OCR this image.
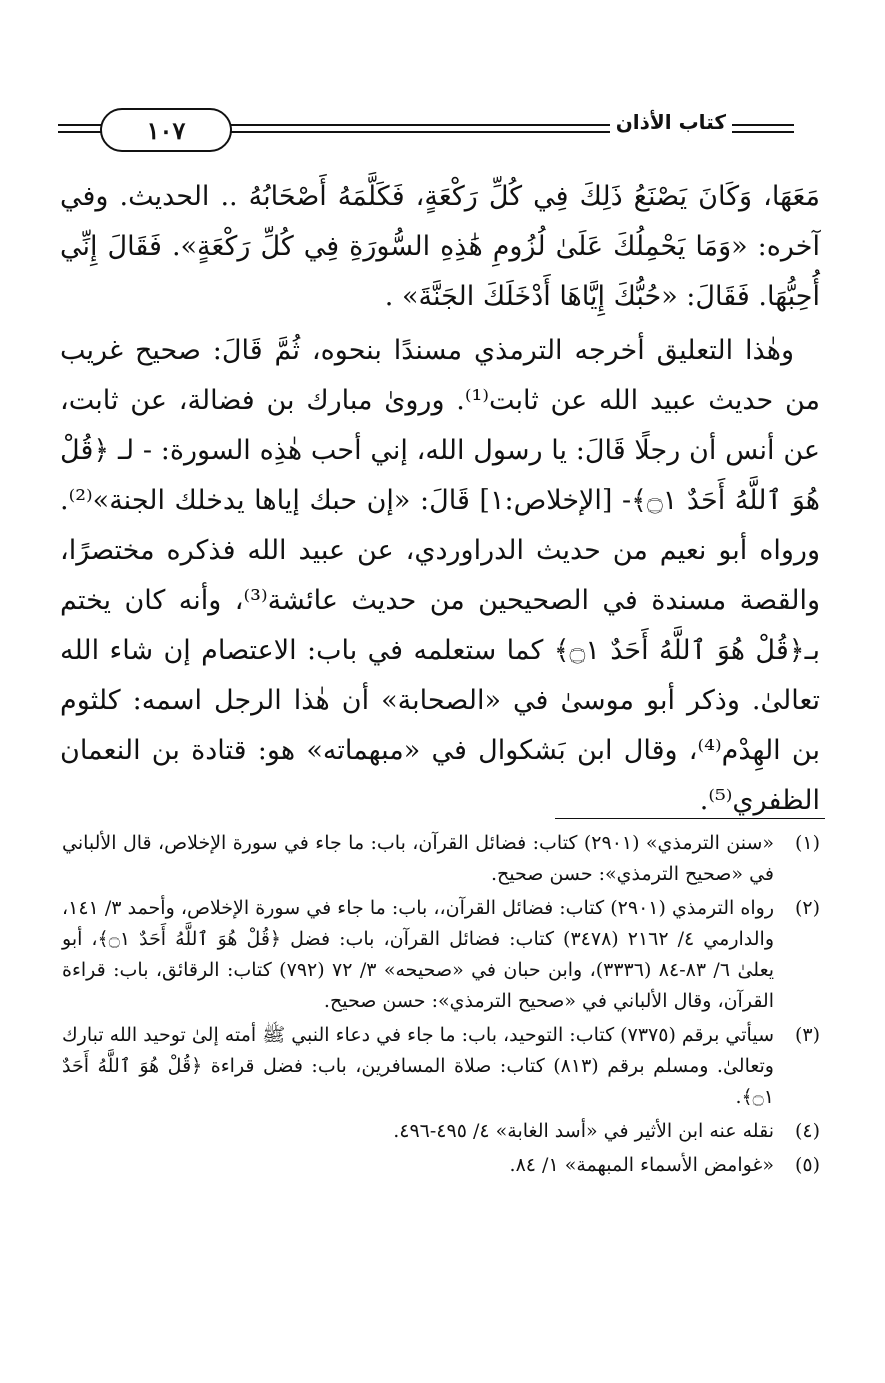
١٠٧	كتاب الأذان

مَعَهَا، وَكَانَ يَصْنَعُ ذَلِكَ فِي كُلِّ رَكْعَةٍ، فَكَلَّمَهُ أَصْحَابُهُ .. الحديث. وفي آخره: «وَمَا يَحْمِلُكَ عَلَىٰ لُزُومِ هَٰذِهِ السُّورَةِ فِي كُلِّ رَكْعَةٍ». فَقَالَ إِنِّي أُحِبُّهَا. فَقَالَ: «حُبُّكَ إِيَّاهَا أَدْخَلَكَ الجَنَّةَ» .

وهٰذا التعليق أخرجه الترمذي مسندًا بنحوه، ثُمَّ قَالَ: صحيح غريب من حديث عبيد الله عن ثابت⁽¹⁾. وروىٰ مبارك بن فضالة، عن ثابت، عن أنس أن رجلًا قَالَ: يا رسول الله، إني أحب هٰذِه السورة: - لـ ﴿قُلْ هُوَ ٱللَّهُ أَحَدٌ ۝١﴾- [الإخلاص:١] قَالَ: «إن حبك إياها يدخلك الجنة»⁽²⁾. ورواه أبو نعيم من حديث الدراوردي، عن عبيد الله فذكره مختصرًا، والقصة مسندة في الصحيحين من حديث عائشة⁽³⁾، وأنه كان يختم بـ﴿قُلْ هُوَ ٱللَّهُ أَحَدٌ ۝١﴾ كما ستعلمه في باب: الاعتصام إن شاء الله تعالىٰ. وذكر أبو موسىٰ في «الصحابة» أن هٰذا الرجل اسمه: كلثوم بن الهِدْم⁽⁴⁾، وقال ابن بَشكوال في «مبهماته» هو: قتادة بن النعمان الظفري⁽⁵⁾.

(١)
«سنن الترمذي» (٢٩٠١) كتاب: فضائل القرآن، باب: ما جاء في سورة الإخلاص، قال الألباني في «صحيح الترمذي»: حسن صحيح.
(٢)
رواه الترمذي (٢٩٠١) كتاب: فضائل القرآن،، باب: ما جاء في سورة الإخلاص، وأحمد ٣/ ١٤١، والدارمي ٤/ ٢١٦٢ (٣٤٧٨) كتاب: فضائل القرآن، باب: فضل ﴿قُلْ هُوَ ٱللَّهُ أَحَدٌ ۝١﴾، أبو يعلىٰ ٦/ ٨٣-٨٤ (٣٣٣٦)، وابن حبان في «صحيحه» ٣/ ٧٢ (٧٩٢) كتاب: الرقائق، باب: قراءة القرآن، وقال الألباني في «صحيح الترمذي»: حسن صحيح.
(٣)
سيأتي برقم (٧٣٧٥) كتاب: التوحيد، باب: ما جاء في دعاء النبي ﷺ أمته إلىٰ توحيد الله تبارك وتعالىٰ. ومسلم برقم (٨١٣) كتاب: صلاة المسافرين، باب: فضل قراءة ﴿قُلْ هُوَ ٱللَّهُ أَحَدٌ ۝١﴾.
(٤)
نقله عنه ابن الأثير في «أسد الغابة» ٤/ ٤٩٥-٤٩٦.
(٥)
«غوامض الأسماء المبهمة» ١/ ٨٤.
